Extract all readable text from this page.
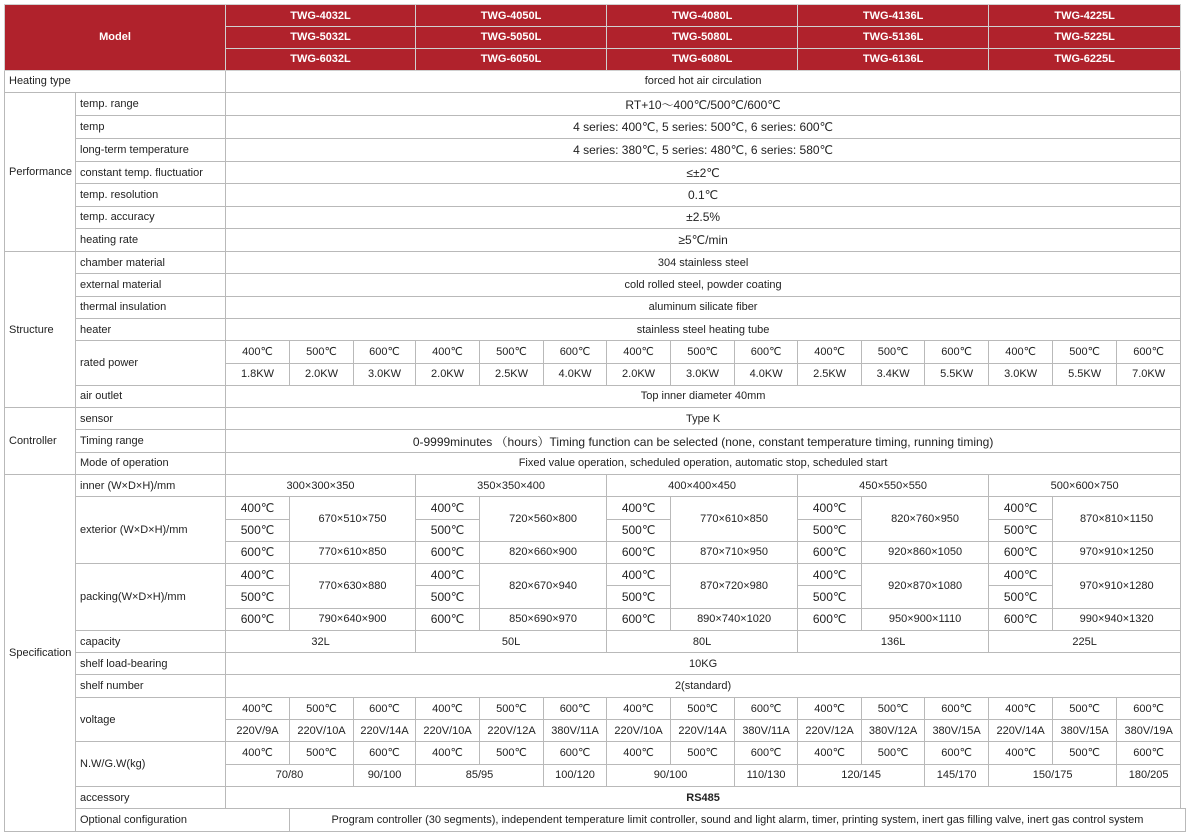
Model		TWG-4032L			TWG-4050L			TWG-4080L			TWG-4136L			TWG-4225L		
		TWG-5032L			TWG-5050L			TWG-5080L			TWG-5136L			TWG-5225L		
		TWG-6032L			TWG-6050L			TWG-6080L			TWG-6136L			TWG-6225L		
Heating type		forced hot air circulation														
Performance	temp. range	RT+10～400℃/500℃/600℃														
	temp	4 series: 400℃, 5 series: 500℃, 6 series: 600℃														
	long-term temperature	4 series: 380℃, 5 series: 480℃, 6 series: 580℃														
	constant temp. fluctuatior	≤±2℃														
	temp. resolution	0.1℃														
	temp. accuracy	±2.5%														
	heating rate	≥5℃/min														
Structure	chamber material	304 stainless steel														
	external material	cold rolled steel, powder coating														
	thermal insulation	aluminum silicate fiber														
	heater	stainless steel heating tube														
	rated power	400℃	500℃	600℃	400℃	500℃	600℃	400℃	500℃	600℃	400℃	500℃	600℃	400℃	500℃	600℃
		1.8KW	2.0KW	3.0KW	2.0KW	2.5KW	4.0KW	2.0KW	3.0KW	4.0KW	2.5KW	3.4KW	5.5KW	3.0KW	5.5KW	7.0KW
	air outlet	Top inner diameter 40mm														
Controller	sensor	Type K														
	Timing range	0-9999minutes （hours）Timing function can be selected (none, constant temperature timing, running timing)														
	Mode of operation	Fixed value operation, scheduled operation, automatic stop, scheduled start														
Specification	inner (W×D×H)/mm	300×300×350			350×350×400			400×400×450			450×550×550			500×600×750		
	exterior (W×D×H)/mm	400℃	670×510×750		400℃	720×560×800		400℃	770×610×850		400℃	820×760×950		400℃	870×810×1150	
		500℃			500℃			500℃			500℃			500℃		
		600℃	770×610×850		600℃	820×660×900		600℃	870×710×950		600℃	920×860×1050		600℃	970×910×1250	
	packing(W×D×H)/mm	400℃	770×630×880		400℃	820×670×940		400℃	870×720×980		400℃	920×870×1080		400℃	970×910×1280	
		500℃			500℃			500℃			500℃			500℃		
		600℃	790×640×900		600℃	850×690×970		600℃	890×740×1020		600℃	950×900×1110		600℃	990×940×1320	
	capacity	32L			50L			80L			136L			225L		
	shelf load-bearing	10KG														
	shelf number	2(standard)														
	voltage	400℃	500℃	600℃	400℃	500℃	600℃	400℃	500℃	600℃	400℃	500℃	600℃	400℃	500℃	600℃
		220V/9A	220V/10A	220V/14A	220V/10A	220V/12A	380V/11A	220V/10A	220V/14A	380V/11A	220V/12A	380V/12A	380V/15A	220V/14A	380V/15A	380V/19A
	N.W/G.W(kg)	400℃	500℃	600℃	400℃	500℃	600℃	400℃	500℃	600℃	400℃	500℃	600℃	400℃	500℃	600℃
		70/80		90/100	85/95		100/120	90/100		110/130	120/145		145/170	150/175		180/205
	accessory	RS485														
	Optional configuration		Program controller (30 segments), independent temperature limit controller, sound and light alarm, timer, printing system, inert gas filling valve, inert gas control system													
